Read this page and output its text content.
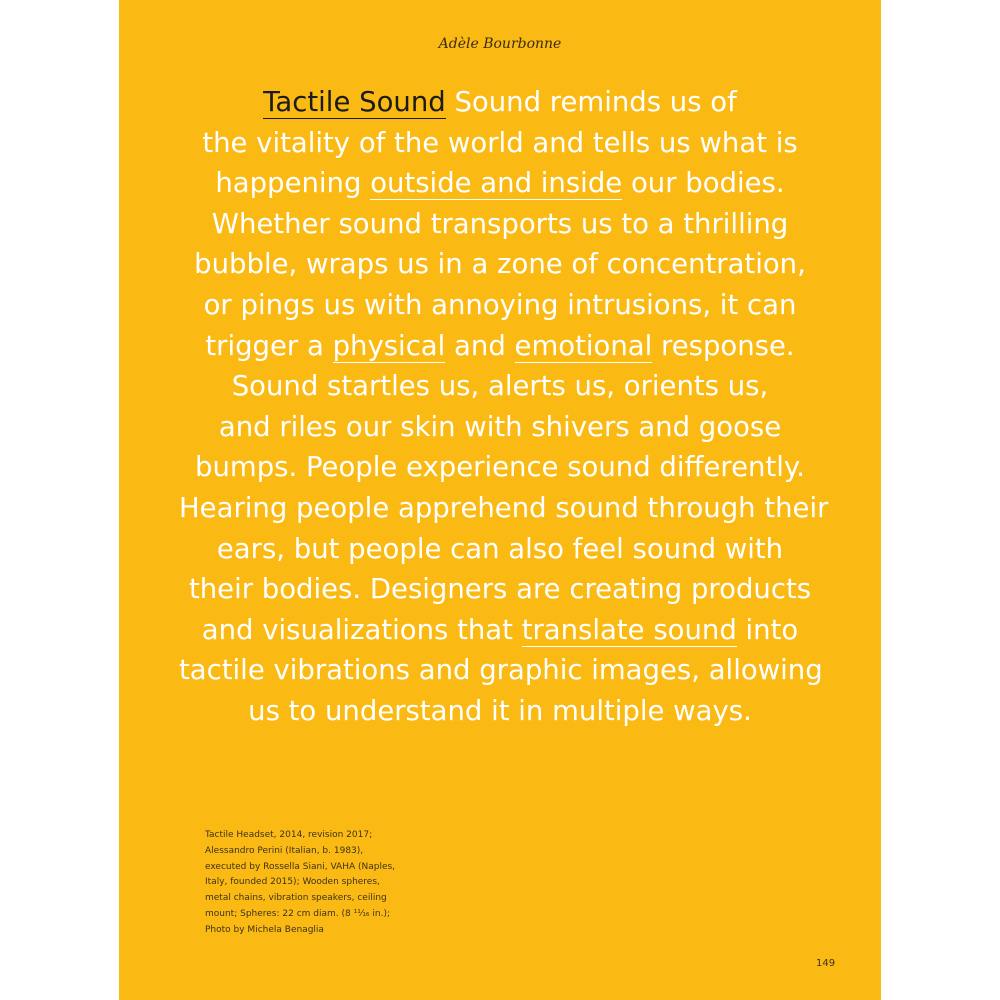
Adèle Bourbonne
Tactile Sound Sound reminds us of
the vitality of the world and tells us what is
happening outside and inside our bodies.
Whether sound transports us to a thrilling
bubble, wraps us in a zone of concentration,
or pings us with annoying intrusions, it can
trigger a physical and emotional response.
Sound startles us, alerts us, orients us,
and riles our skin with shivers and goose
bumps. People experience sound differently.
Hearing people apprehend sound through their
ears, but people can also feel sound with
their bodies. Designers are creating products
and visualizations that translate sound into
tactile vibrations and graphic images, allowing
us to understand it in multiple ways.
Tactile Headset, 2014, revision 2017;
Alessandro Perini (Italian, b. 1983),
executed by Rossella Siani, VAHA (Naples,
Italy, founded 2015); Wooden spheres,
metal chains, vibration speakers, ceiling
mount; Spheres: 22 cm diam. (8 ¹¹⁄₁₆ in.);
Photo by Michela Benaglia
149
